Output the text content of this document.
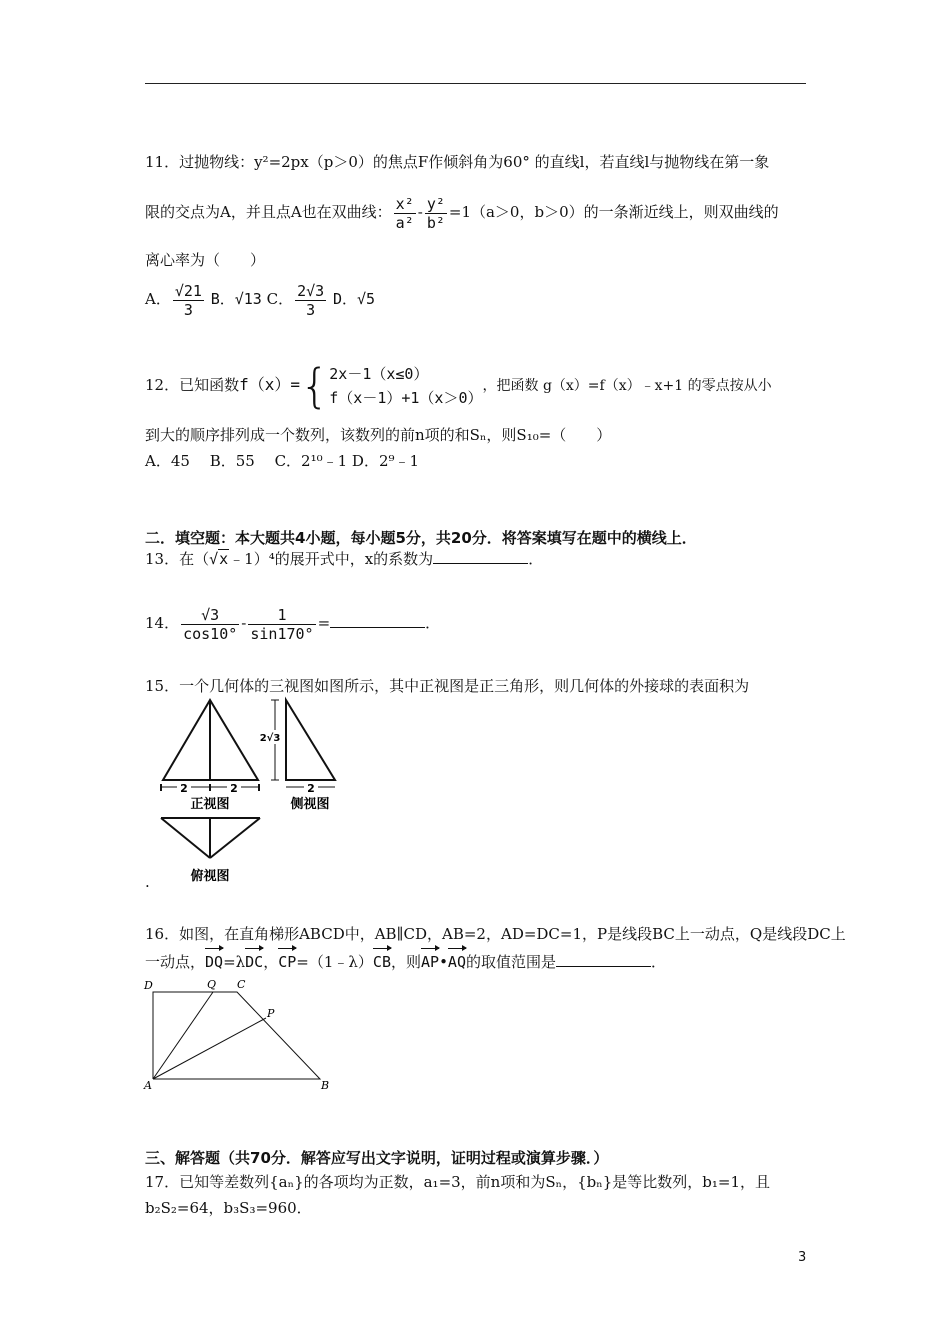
11．过抛物线：y²=2px（p＞0）的焦点F作倾斜角为60° 的直线l，若直线l与抛物线在第一象
限的交点为A，并且点A也在双曲线： $\frac{\text{x²}}{\text{a²}} - \frac{\text{y²}}{\text{b²}} =1(a>0$，b＞0）的一条渐近线上，则双曲线的
离心率为（　　）
A． $\frac{√21}{3}$ B．√13 C． $\frac{2√3}{3}$ D．√5
12．已知函数f（x）={ 2x－1（x≤0）
f（x－1）+1（x＞0）
，把函数 g（x）=f（x）﹣x+1 的零点按从小
到大的顺序排列成一个数列，该数列的前n项的和Sₙ，则S₁₀=（　　）
A．45　 B．55　 C．2¹⁰﹣1 D．2⁹﹣1
二．填空题：本大题共4小题，每小题5分，共20分．将答案填写在题中的横线上．
13．在（√x﹣1）⁴的展开式中，x的系数为	．
14． $\frac{√3}{\cos 10^\circ} - \frac{1}{\sin 170^\circ}$ =	．
15．一个几何体的三视图如图所示，其中正视图是正三角形，则几何体的外接球的表面积为
2	2
正视图
2√3
2
侧视图
俯视图
.
16．如图，在直角梯形ABCD中，AB∥CD，AB=2，AD=DC=1，P是线段BC上一动点，Q是线段DC上
一动点，DQ=λDC，CP=（1﹣λ）CB，则AP•AQ的取值范围是	．
D	Q C
P
A	B
三、解答题（共70分．解答应写出文字说明，证明过程或演算步骤．）
17．已知等差数列{aₙ}的各项均为正数，a₁=3，前n项和为Sₙ，{bₙ}是等比数列，b₁=1，且
b₂S₂=64，b₃S₃=960．
3
